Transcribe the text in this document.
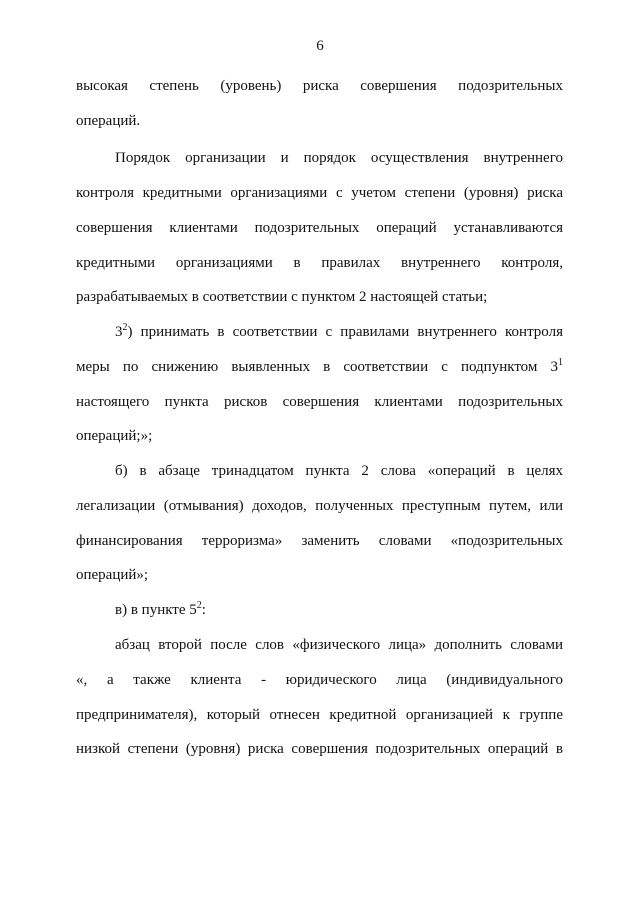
6
высокая степень (уровень) риска совершения подозрительных
операций.
Порядок организации и порядок осуществления внутреннего
контроля кредитными организациями с учетом степени (уровня) риска
совершения клиентами подозрительных операций устанавливаются
кредитными организациями в правилах внутреннего контроля,
разрабатываемых в соответствии с пунктом 2 настоящей статьи;
$3^2$) принимать в соответствии с правилами внутреннего контроля
меры по снижению выявленных в соответствии с подпунктом $3^1$
настоящего пункта рисков совершения клиентами подозрительных
операций;»;
б) в абзаце тринадцатом пункта 2 слова «операций в целях
легализации (отмывания) доходов, полученных преступным путем, или
финансирования терроризма» заменить словами «подозрительных
операций»;
в) в пункте $5^2$:
абзац второй после слов «физического лица» дополнить словами
«, а также клиента - юридического лица (индивидуального
предпринимателя), который отнесен кредитной организацией к группе
низкой степени (уровня) риска совершения подозрительных операций в
